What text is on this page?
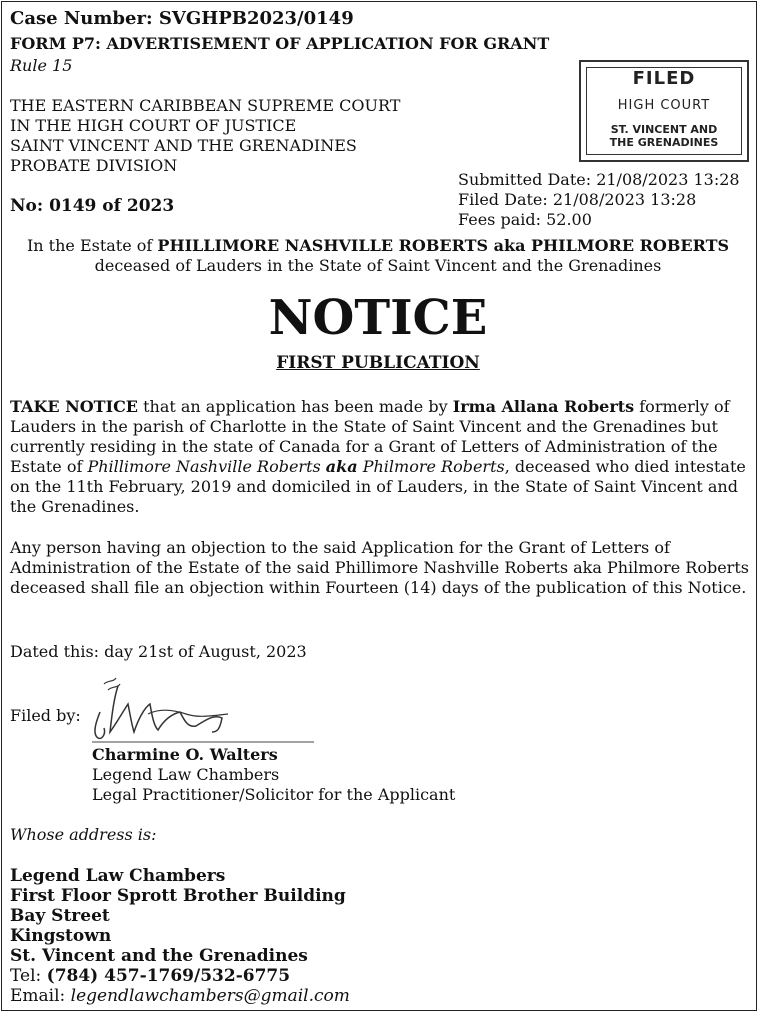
Case Number: SVGHPB2023/0149
FORM P7: ADVERTISEMENT OF APPLICATION FOR GRANT
Rule 15
THE EASTERN CARIBBEAN SUPREME COURT
IN THE HIGH COURT OF JUSTICE
SAINT VINCENT AND THE GRENADINES
PROBATE DIVISION
No: 0149 of 2023
FILED
HIGH COURT
ST. VINCENT AND
THE GRENADINES
Submitted Date: 21/08/2023 13:28
Filed Date: 21/08/2023 13:28
Fees paid: 52.00
In the Estate of PHILLIMORE NASHVILLE ROBERTS aka PHILMORE ROBERTS deceased of Lauders in the State of Saint Vincent and the Grenadines
NOTICE
FIRST PUBLICATION
TAKE NOTICE that an application has been made by Irma Allana Roberts formerly of Lauders in the parish of Charlotte in the State of Saint Vincent and the Grenadines but currently residing in the state of Canada for a Grant of Letters of Administration of the Estate of Phillimore Nashville Roberts aka Philmore Roberts, deceased who died intestate on the 11th February, 2019 and domiciled in of Lauders, in the State of Saint Vincent and the Grenadines.
Any person having an objection to the said Application for the Grant of Letters of Administration of the Estate of the said Phillimore Nashville Roberts aka Philmore Roberts deceased shall file an objection within Fourteen (14) days of the publication of this Notice.
Dated this: day 21st of August, 2023
Filed by:
Charmine O. Walters
Legend Law Chambers
Legal Practitioner/Solicitor for the Applicant
Whose address is:
Legend Law Chambers
First Floor Sprott Brother Building
Bay Street
Kingstown
St. Vincent and the Grenadines
Tel: (784) 457-1769/532-6775
Email: legendlawchambers@gmail.com
